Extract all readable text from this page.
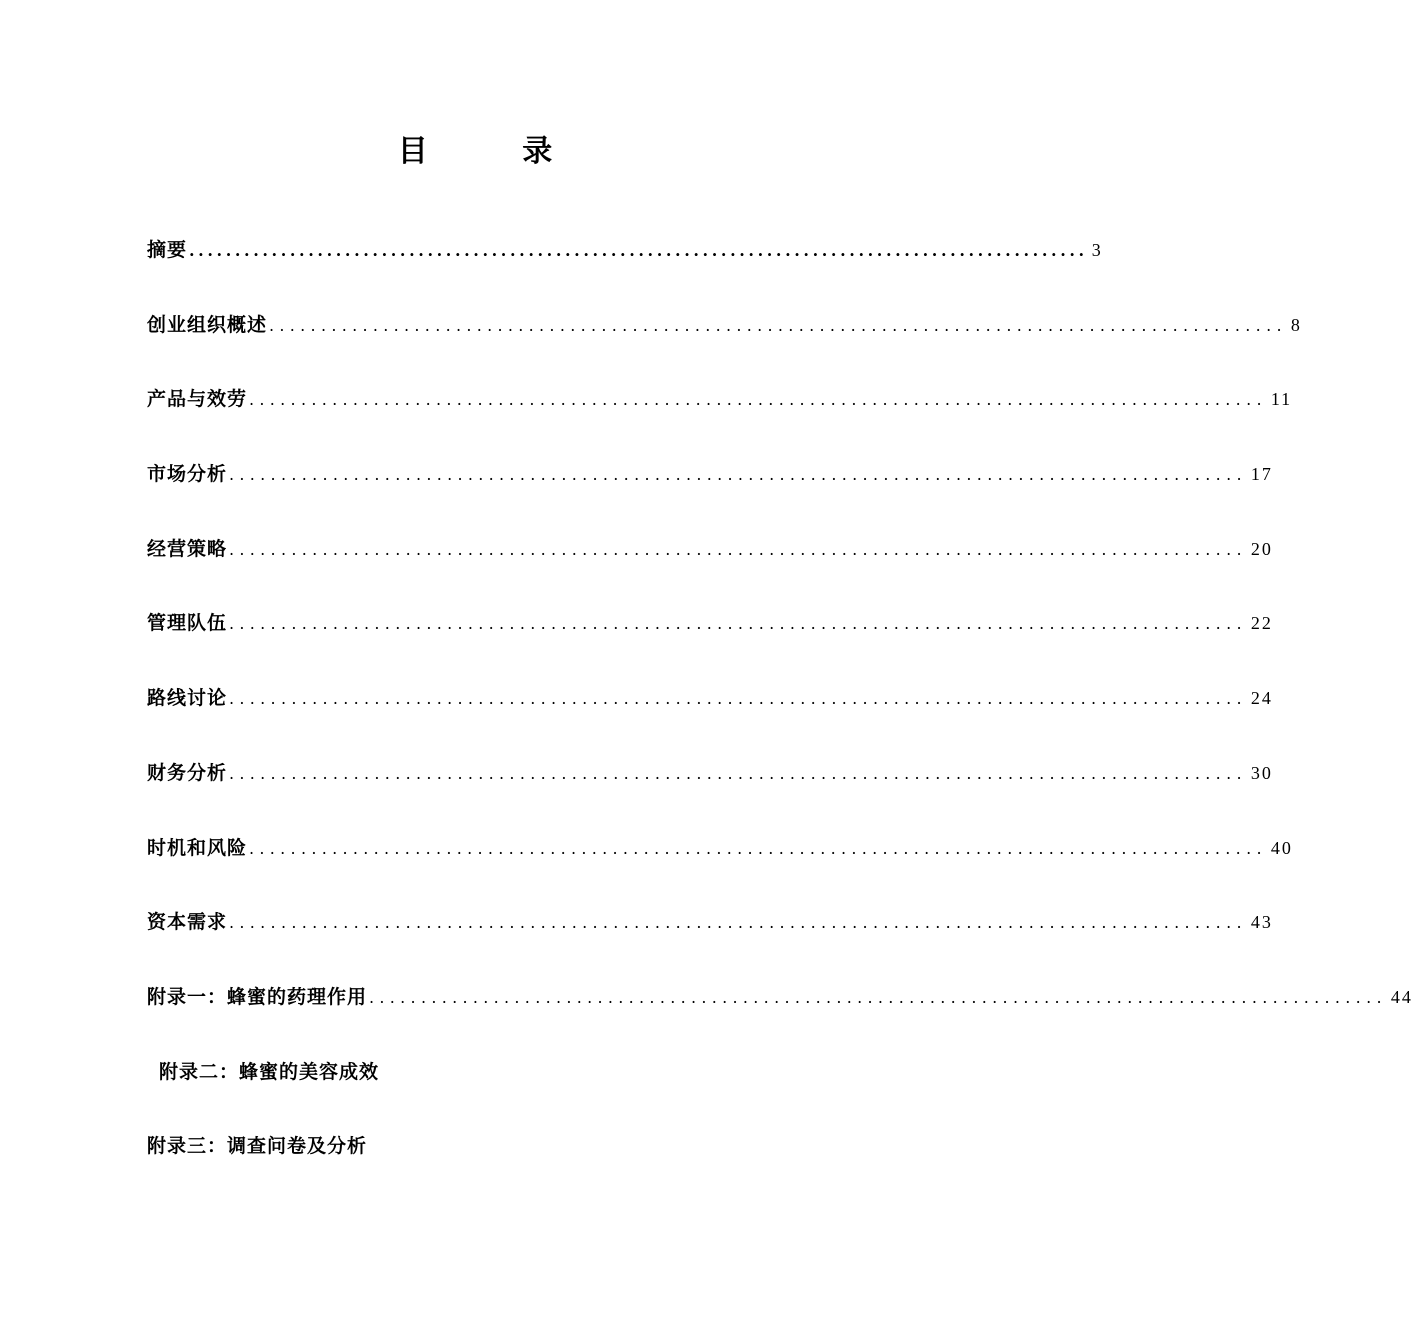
目 录
摘要 .................................................................................................. 3
创业组织概述 .................................................................................................. 8
产品与效劳 .................................................................................................. 11
市场分析 .................................................................................................. 17
经营策略 .................................................................................................. 20
管理队伍 .................................................................................................. 22
路线讨论 .................................................................................................. 24
财务分析 .................................................................................................. 30
时机和风险 .................................................................................................. 40
资本需求 .................................................................................................. 43
附录一：蜂蜜的药理作用 .................................................................................................. 44
附录二：蜂蜜的美容成效
附录三：调查问卷及分析
